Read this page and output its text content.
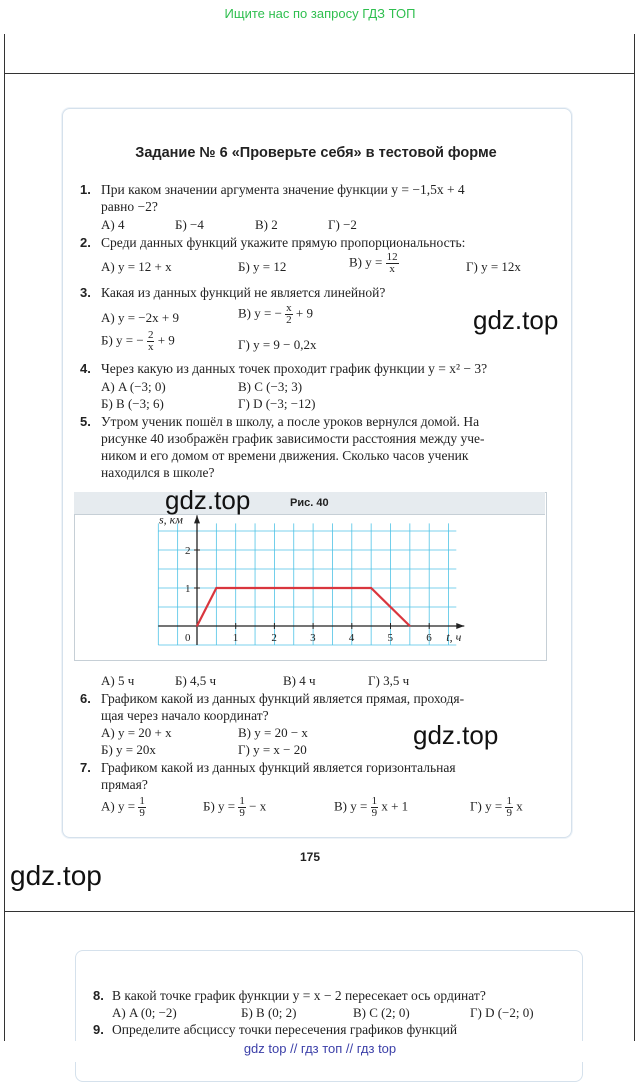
Ищите нас по запросу ГДЗ ТОП
Задание № 6 «Проверьте себя» в тестовой форме
1. При каком значении аргумента значение функции y = −1,5x + 4
равно −2?
А) 4	Б) −4	В) 2	Г) −2
2. Среди данных функций укажите прямую пропорциональность:
А) y = 12 + x	Б) y = 12	В) $y = \frac{12}{x}$	Г) y = 12x
3. Какая из данных функций не является линейной?
А) y = −2x + 9	В) y = − $\frac{x}{2} + 9$
Б) y = − $\frac{2}{x} + 9$	Г) y = 9 − 0,2x
gdz.top
4. Через какую из данных точек проходит график функции y = x² − 3?
А) A (−3; 0)	В) C (−3; 3)
Б) B (−3; 6)	Г) D (−3; −12)
5. Утром ученик пошёл в школу, а после уроков вернулся домой. На
рисунке 40 изображён график зависимости расстояния между уче-
ником и его домом от времени движения. Сколько часов ученик
находился в школе?
Рис. 40
gdz.top
0	1	2	3	4	5	6
1
2
s, км
t, ч
А) 5 ч	Б) 4,5 ч	В) 4 ч	Г) 3,5 ч
6. Графиком какой из данных функций является прямая, проходя-
щая через начало координат?
А) y = 20 + x	В) y = 20 − x
Б) y = 20x	Г) y = x − 20	gdz.top
7. Графиком какой из данных функций является горизонтальная
прямая?
А) $y = \frac{1}{9}$	Б) $y = \frac{1}{9} - x$	В) $y = \frac{1}{9}$ x + 1	Г) $y = \frac{1}{9}$ x
175
gdz.top
8. В какой точке график функции y = x − 2 пересекает ось ординат?
А) A (0; −2)	Б) B (0; 2)	В) C (2; 0)	Г) D (−2; 0)
9. Определите абсциссу точки пересечения графиков функций
gdz top // гдз топ // гдз top
